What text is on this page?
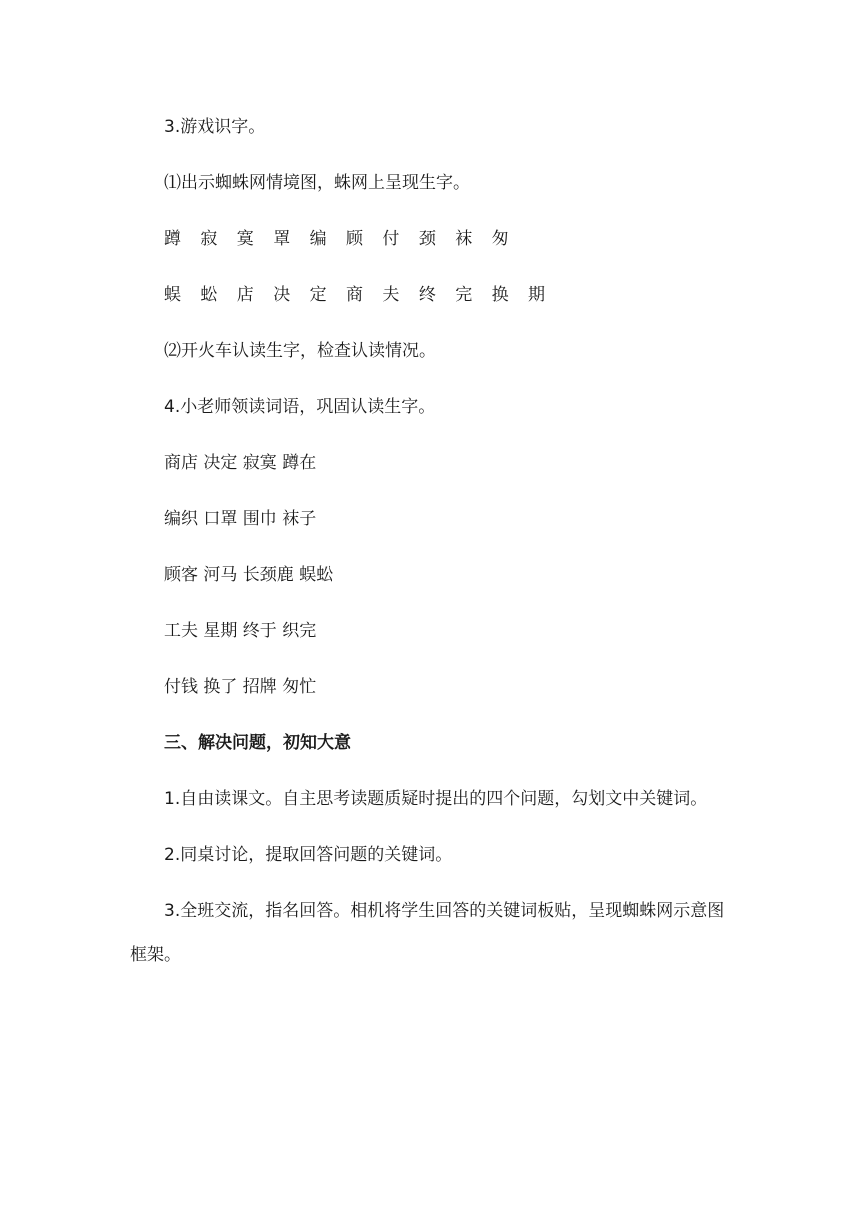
3.游戏识字。
⑴出示蜘蛛网情境图，蛛网上呈现生字。
蹲 寂 寞 罩 编 顾 付 颈 袜 匆
蜈 蚣 店 决 定 商 夫 终 完 换 期
⑵开火车认读生字，检查认读情况。
4.小老师领读词语，巩固认读生字。
商店 决定 寂寞 蹲在
编织 口罩 围巾 袜子
顾客 河马 长颈鹿 蜈蚣
工夫 星期 终于 织完
付钱 换了 招牌 匆忙
三、解决问题，初知大意
1.自由读课文。自主思考读题质疑时提出的四个问题，勾划文中关键词。
2.同桌讨论，提取回答问题的关键词。
3.全班交流，指名回答。相机将学生回答的关键词板贴，呈现蜘蛛网示意图
框架。
